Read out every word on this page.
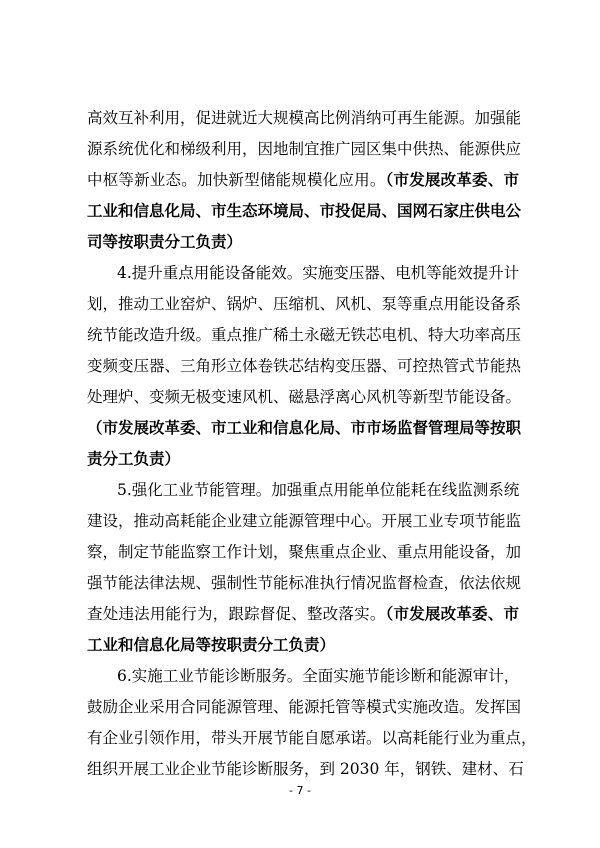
高效互补利用，促进就近大规模高比例消纳可再生能源。加强能
源系统优化和梯级利用，因地制宜推广园区集中供热、能源供应
中枢等新业态。加快新型储能规模化应用。（市发展改革委、市
工业和信息化局、市生态环境局、市投促局、国网石家庄供电公
司等按职责分工负责）
4.提升重点用能设备能效。实施变压器、电机等能效提升计
划，推动工业窑炉、锅炉、压缩机、风机、泵等重点用能设备系
统节能改造升级。重点推广稀土永磁无铁芯电机、特大功率高压
变频变压器、三角形立体卷铁芯结构变压器、可控热管式节能热
处理炉、变频无极变速风机、磁悬浮离心风机等新型节能设备。
（市发展改革委、市工业和信息化局、市市场监督管理局等按职
责分工负责）
5.强化工业节能管理。加强重点用能单位能耗在线监测系统
建设，推动高耗能企业建立能源管理中心。开展工业专项节能监
察，制定节能监察工作计划，聚焦重点企业、重点用能设备，加
强节能法律法规、强制性节能标准执行情况监督检查，依法依规
查处违法用能行为，跟踪督促、整改落实。（市发展改革委、市
工业和信息化局等按职责分工负责）
6.实施工业节能诊断服务。全面实施节能诊断和能源审计，
鼓励企业采用合同能源管理、能源托管等模式实施改造。发挥国
有企业引领作用，带头开展节能自愿承诺。以高耗能行业为重点，
组织开展工业企业节能诊断服务，到 2030 年，钢铁、建材、石
- 7 -
